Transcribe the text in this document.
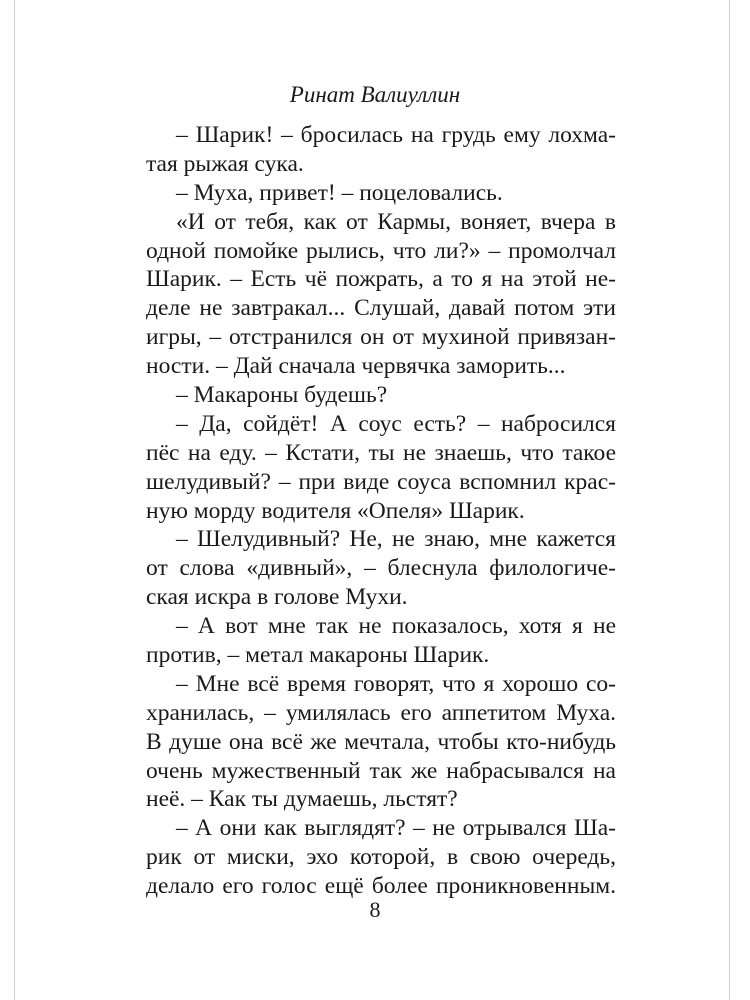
Ринат Валиуллин
– Шарик! – бросилась на грудь ему лохма-
тая рыжая сука.
– Муха, привет! – поцеловались.
«И от тебя, как от Кармы, воняет, вчера в
одной помойке рылись, что ли?» – промолчал
Шарик. – Есть чё пожрать, а то я на этой не-
деле не завтракал... Слушай, давай потом эти
игры, – отстранился он от мухиной привязан-
ности. – Дай сначала червячка заморить...
– Макароны будешь?
– Да, сойдёт! А соус есть? – набросился
пёс на еду. – Кстати, ты не знаешь, что такое
шелудивый? – при виде соуса вспомнил крас-
ную морду водителя «Опеля» Шарик.
– Шелудивный? Не, не знаю, мне кажется
от слова «дивный», – блеснула филологиче-
ская искра в голове Мухи.
– А вот мне так не показалось, хотя я не
против, – метал макароны Шарик.
– Мне всё время говорят, что я хорошо со-
хранилась, – умилялась его аппетитом Муха.
В душе она всё же мечтала, чтобы кто-нибудь
очень мужественный так же набрасывался на
неё. – Как ты думаешь, льстят?
– А они как выглядят? – не отрывался Ша-
рик от миски, эхо которой, в свою очередь,
делало его голос ещё более проникновенным.
8
